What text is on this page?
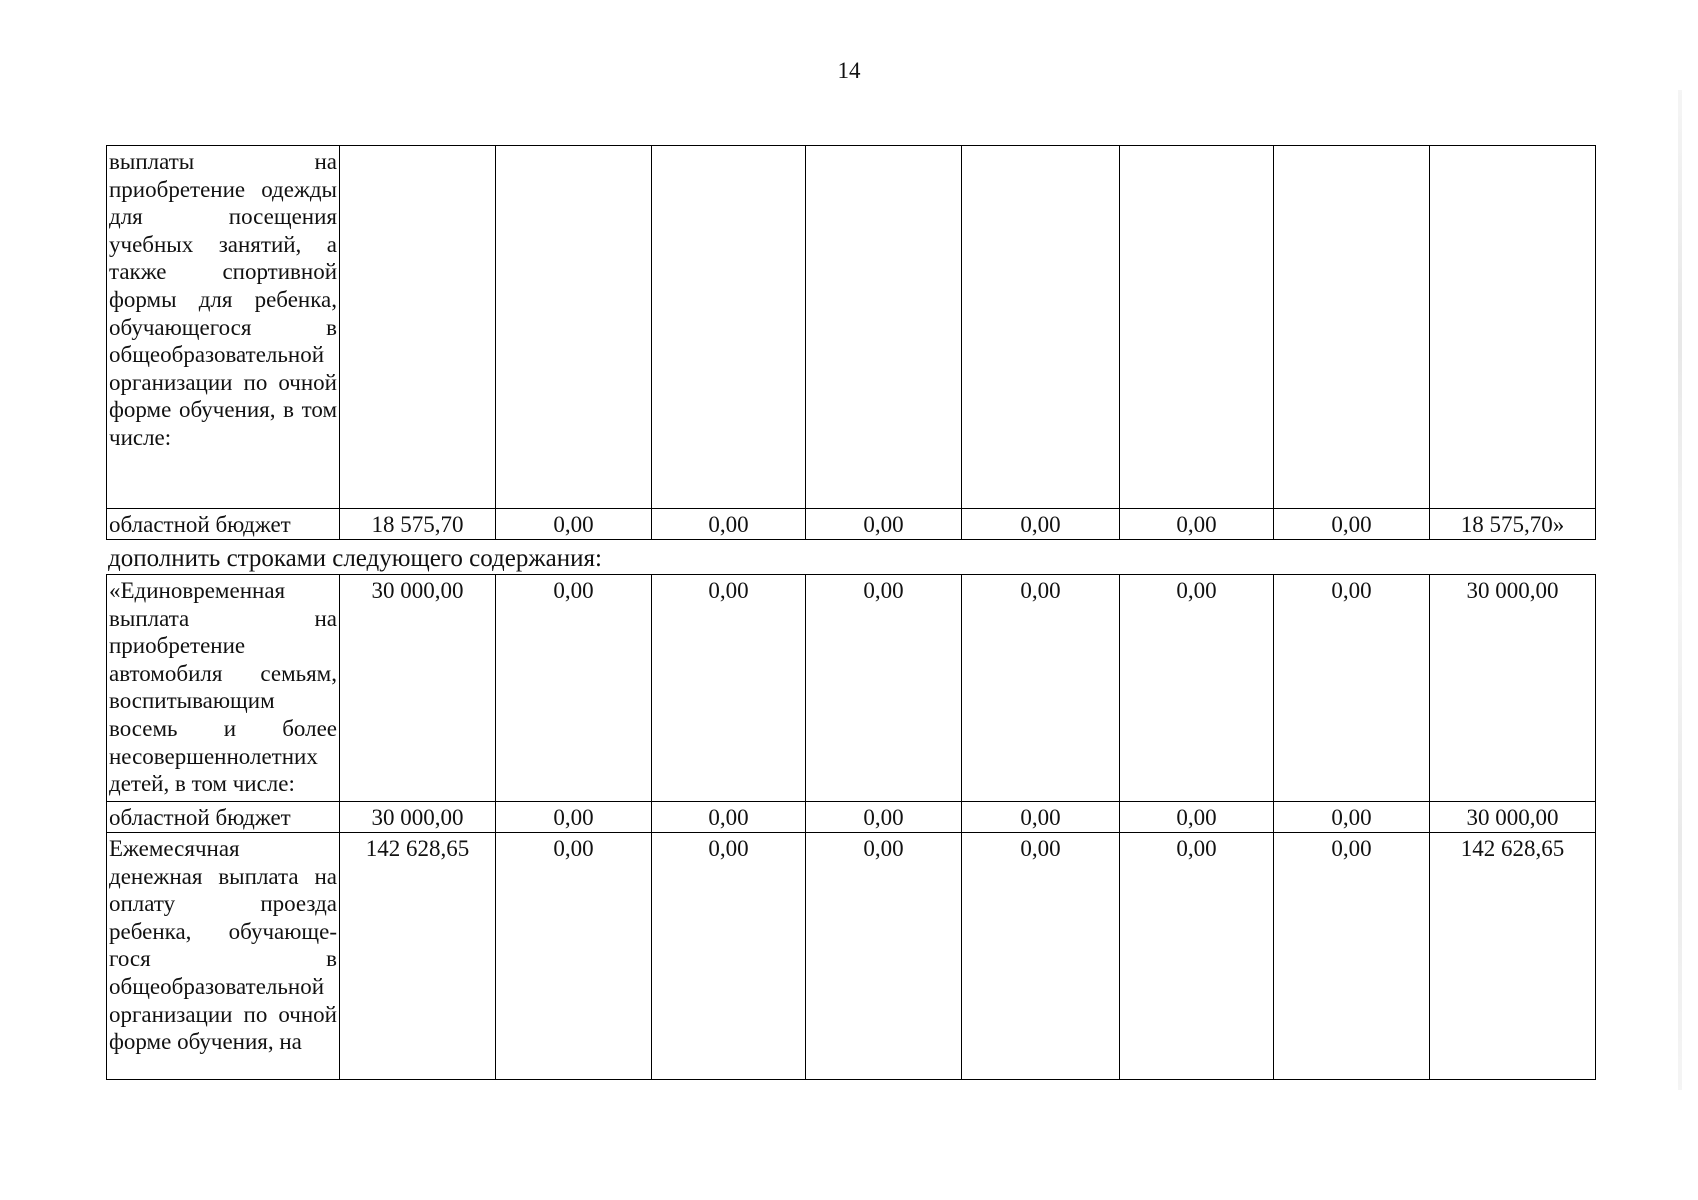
14
выплаты на приобретение одежды для посещения учебных занятий, а также спортивной формы для ребенка, обучающегося в общеобразовательной организации по очной форме обучения, в том числе:								
областной бюджет	18 575,70	0,00	0,00	0,00	0,00	0,00	0,00	18 575,70»
дополнить строками следующего содержания:
«Единовременная выплата на приобретение автомобиля семьям, воспитывающим восемь и более несовершеннолетних детей, в том числе:	30 000,00	0,00	0,00	0,00	0,00	0,00	0,00	30 000,00
областной бюджет	30 000,00	0,00	0,00	0,00	0,00	0,00	0,00	30 000,00
Ежемесячная денежная выплата на оплату проезда ребенка, обучающе-гося в общеобразовательной организации по очной форме обучения, на	142 628,65	0,00	0,00	0,00	0,00	0,00	0,00	142 628,65
